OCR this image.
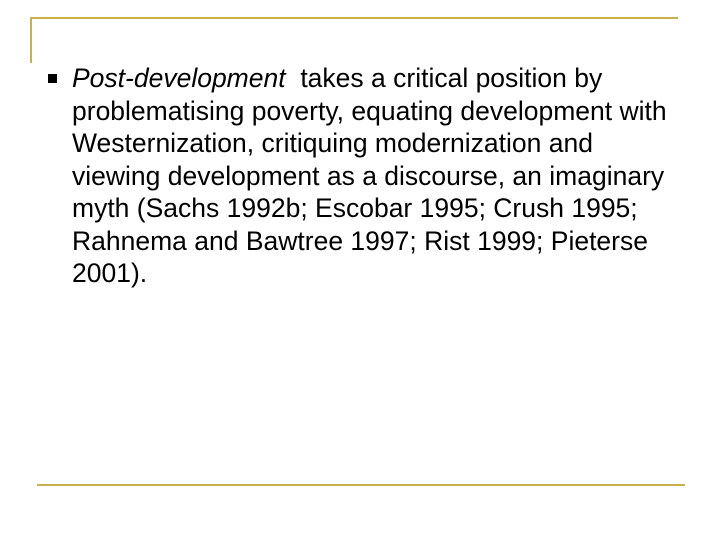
Post-development  takes a critical position by problematising poverty, equating development with Westernization, critiquing modernization and viewing development as a discourse, an imaginary myth (Sachs 1992b; Escobar 1995; Crush 1995; Rahnema and Bawtree 1997; Rist 1999; Pieterse 2001).
